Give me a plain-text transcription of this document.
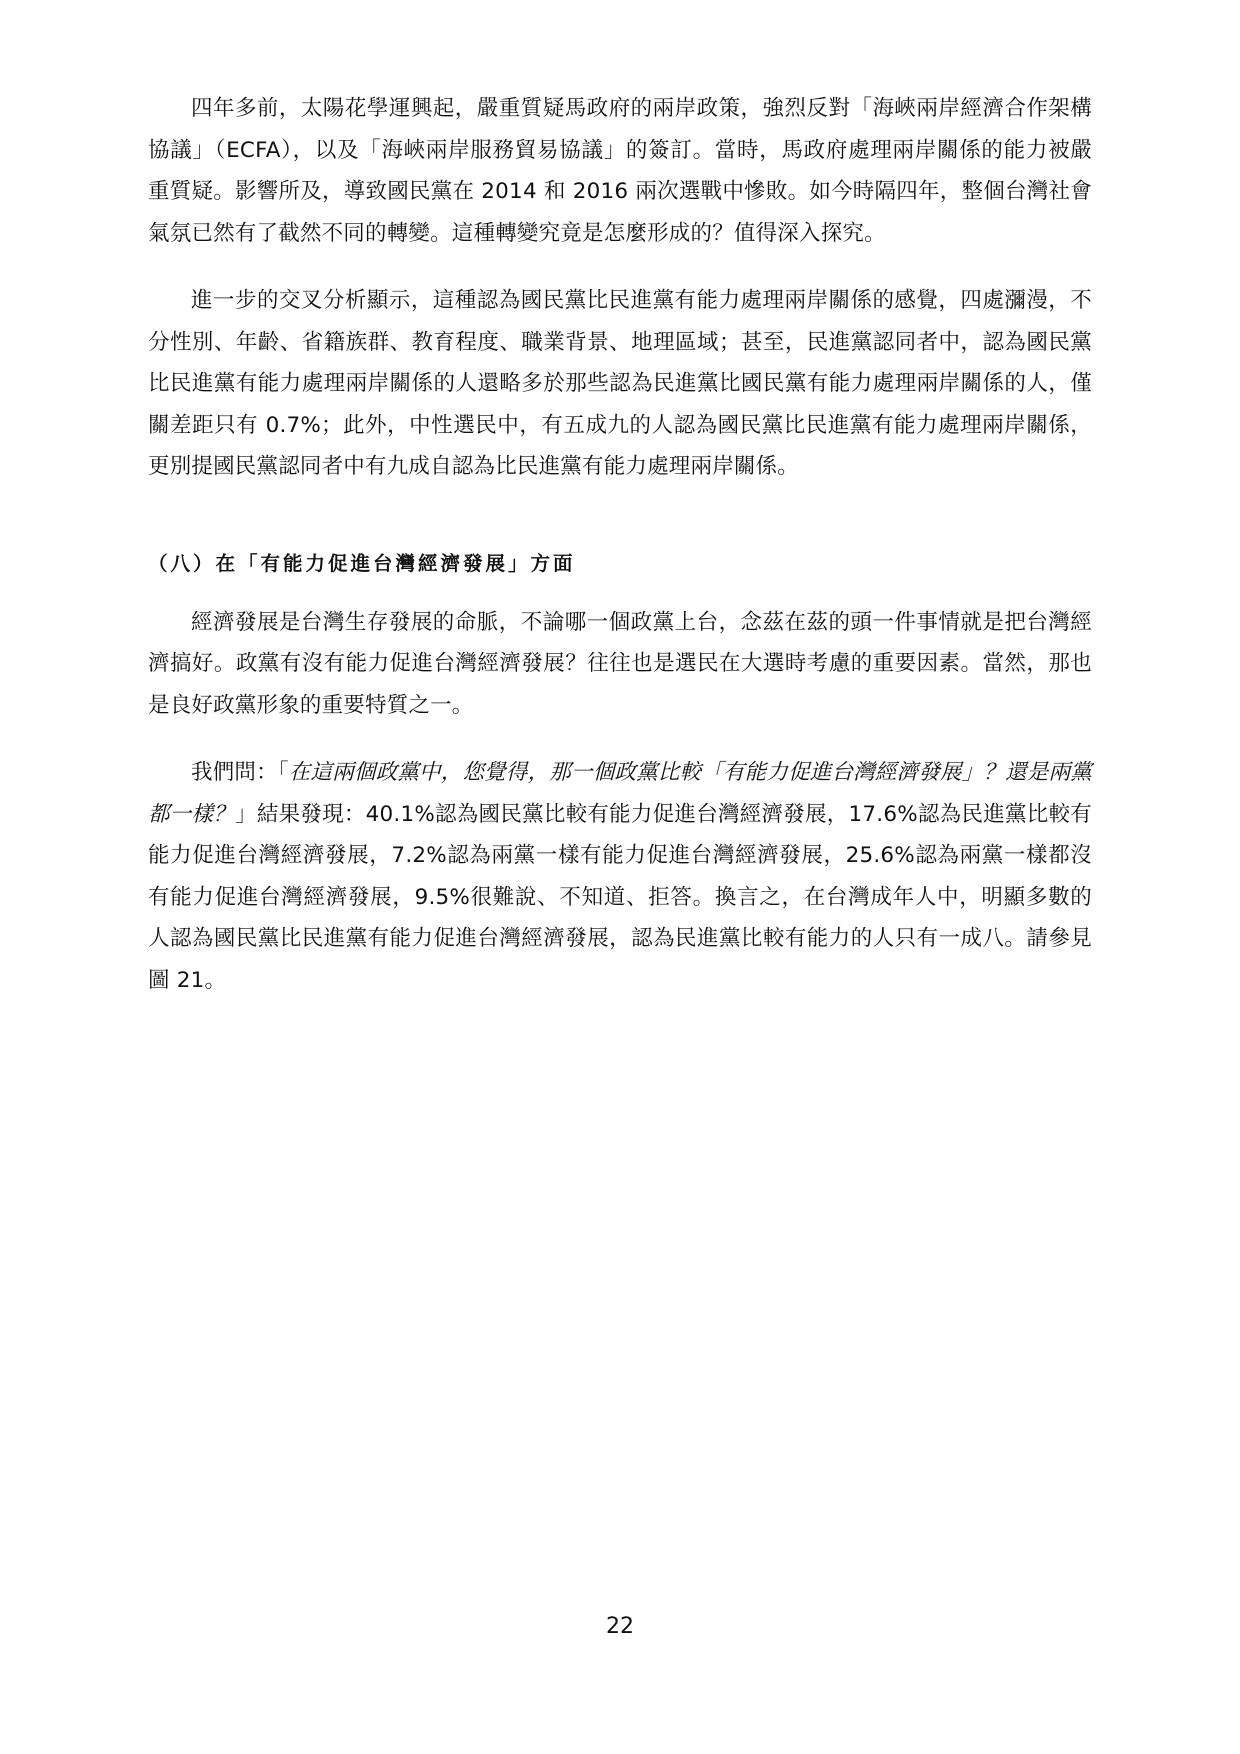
四年多前，太陽花學運興起，嚴重質疑馬政府的兩岸政策，強烈反對「海峽兩岸經濟合作架構協議」（ECFA），以及「海峽兩岸服務貿易協議」的簽訂。當時，馬政府處理兩岸關係的能力被嚴重質疑。影響所及，導致國民黨在 2014 和 2016 兩次選戰中慘敗。如今時隔四年，整個台灣社會氣氛已然有了截然不同的轉變。這種轉變究竟是怎麼形成的？值得深入探究。

進一步的交叉分析顯示，這種認為國民黨比民進黨有能力處理兩岸關係的感覺，四處瀰漫，不分性別、年齡、省籍族群、教育程度、職業背景、地理區域；甚至，民進黨認同者中，認為國民黨比民進黨有能力處理兩岸關係的人還略多於那些認為民進黨比國民黨有能力處理兩岸關係的人，僅關差距只有 0.7%；此外，中性選民中，有五成九的人認為國民黨比民進黨有能力處理兩岸關係，更別提國民黨認同者中有九成自認為比民進黨有能力處理兩岸關係。

（八）在「有能力促進台灣經濟發展」方面

經濟發展是台灣生存發展的命脈，不論哪一個政黨上台，念茲在茲的頭一件事情就是把台灣經濟搞好。政黨有沒有能力促進台灣經濟發展？往往也是選民在大選時考慮的重要因素。當然，那也是良好政黨形象的重要特質之一。

我們問：「在這兩個政黨中，您覺得，那一個政黨比較「有能力促進台灣經濟發展」？還是兩黨都一樣？」結果發現：40.1%認為國民黨比較有能力促進台灣經濟發展，17.6%認為民進黨比較有能力促進台灣經濟發展，7.2%認為兩黨一樣有能力促進台灣經濟發展，25.6%認為兩黨一樣都沒有能力促進台灣經濟發展，9.5%很難說、不知道、拒答。換言之，在台灣成年人中，明顯多數的人認為國民黨比民進黨有能力促進台灣經濟發展，認為民進黨比較有能力的人只有一成八。請參見圖 21。

22
